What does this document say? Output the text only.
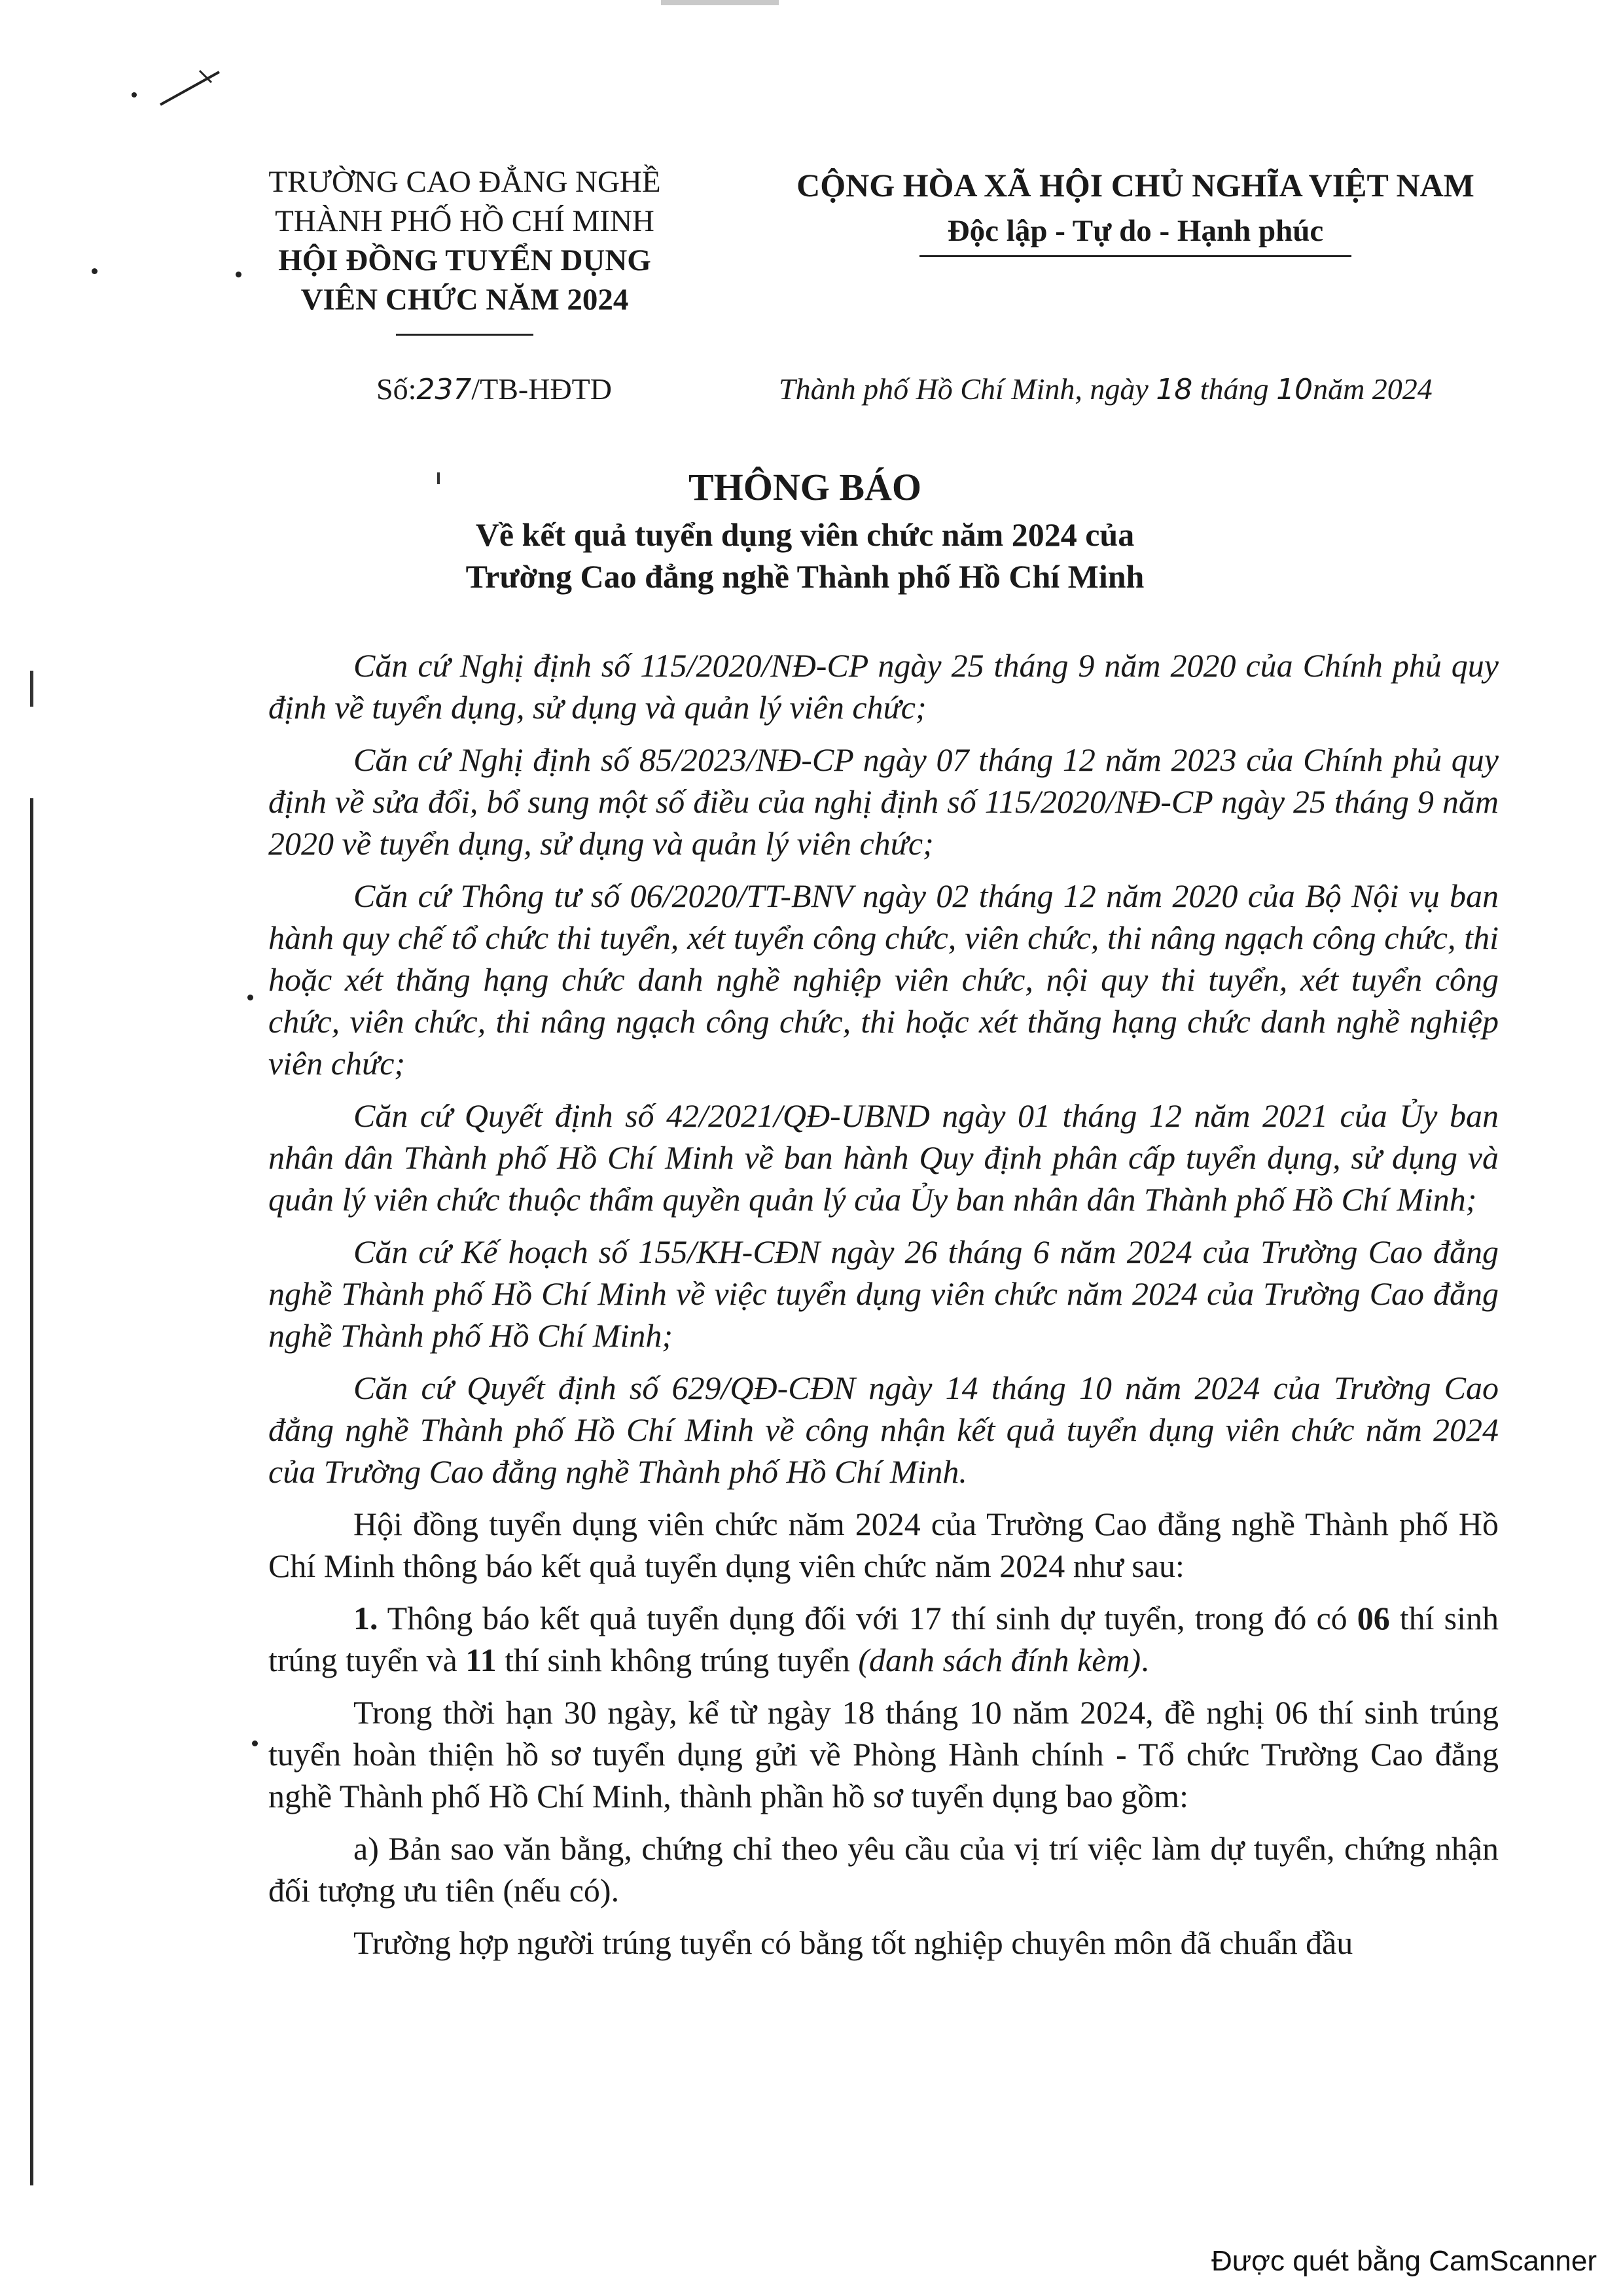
TRƯỜNG CAO ĐẲNG NGHỀ
THÀNH PHỐ HỒ CHÍ MINH
HỘI ĐỒNG TUYỂN DỤNG
VIÊN CHỨC NĂM 2024
CỘNG HÒA XÃ HỘI CHỦ NGHĨA VIỆT NAM
Độc lập - Tự do - Hạnh phúc
Số:237/TB-HĐTD	Thành phố Hồ Chí Minh, ngày 18 tháng 10năm 2024
THÔNG BÁO
Về kết quả tuyển dụng viên chức năm 2024 của
Trường Cao đẳng nghề Thành phố Hồ Chí Minh

Căn cứ Nghị định số 115/2020/NĐ-CP ngày 25 tháng 9 năm 2020 của Chính phủ quy định về tuyển dụng, sử dụng và quản lý viên chức;

Căn cứ Nghị định số 85/2023/NĐ-CP ngày 07 tháng 12 năm 2023 của Chính phủ quy định về sửa đổi, bổ sung một số điều của nghị định số 115/2020/NĐ-CP ngày 25 tháng 9 năm 2020 về tuyển dụng, sử dụng và quản lý viên chức;

Căn cứ Thông tư số 06/2020/TT-BNV ngày 02 tháng 12 năm 2020 của Bộ Nội vụ ban hành quy chế tổ chức thi tuyển, xét tuyển công chức, viên chức, thi nâng ngạch công chức, thi hoặc xét thăng hạng chức danh nghề nghiệp viên chức, nội quy thi tuyển, xét tuyển công chức, viên chức, thi nâng ngạch công chức, thi hoặc xét thăng hạng chức danh nghề nghiệp viên chức;

Căn cứ Quyết định số 42/2021/QĐ-UBND ngày 01 tháng 12 năm 2021 của Ủy ban nhân dân Thành phố Hồ Chí Minh về ban hành Quy định phân cấp tuyển dụng, sử dụng và quản lý viên chức thuộc thẩm quyền quản lý của Ủy ban nhân dân Thành phố Hồ Chí Minh;

Căn cứ Kế hoạch số 155/KH-CĐN ngày 26 tháng 6 năm 2024 của Trường Cao đẳng nghề Thành phố Hồ Chí Minh về việc tuyển dụng viên chức năm 2024 của Trường Cao đẳng nghề Thành phố Hồ Chí Minh;

Căn cứ Quyết định số 629/QĐ-CĐN ngày 14 tháng 10 năm 2024 của Trường Cao đẳng nghề Thành phố Hồ Chí Minh về công nhận kết quả tuyển dụng viên chức năm 2024 của Trường Cao đẳng nghề Thành phố Hồ Chí Minh.

Hội đồng tuyển dụng viên chức năm 2024 của Trường Cao đẳng nghề Thành phố Hồ Chí Minh thông báo kết quả tuyển dụng viên chức năm 2024 như sau:

1. Thông báo kết quả tuyển dụng đối với 17 thí sinh dự tuyển, trong đó có 06 thí sinh trúng tuyển và 11 thí sinh không trúng tuyển (danh sách đính kèm).

Trong thời hạn 30 ngày, kể từ ngày 18 tháng 10 năm 2024, đề nghị 06 thí sinh trúng tuyển hoàn thiện hồ sơ tuyển dụng gửi về Phòng Hành chính - Tổ chức Trường Cao đẳng nghề Thành phố Hồ Chí Minh, thành phần hồ sơ tuyển dụng bao gồm:

a) Bản sao văn bằng, chứng chỉ theo yêu cầu của vị trí việc làm dự tuyển, chứng nhận đối tượng ưu tiên (nếu có).

Trường hợp người trúng tuyển có bằng tốt nghiệp chuyên môn đã chuẩn đầu

Được quét bằng CamScanner
